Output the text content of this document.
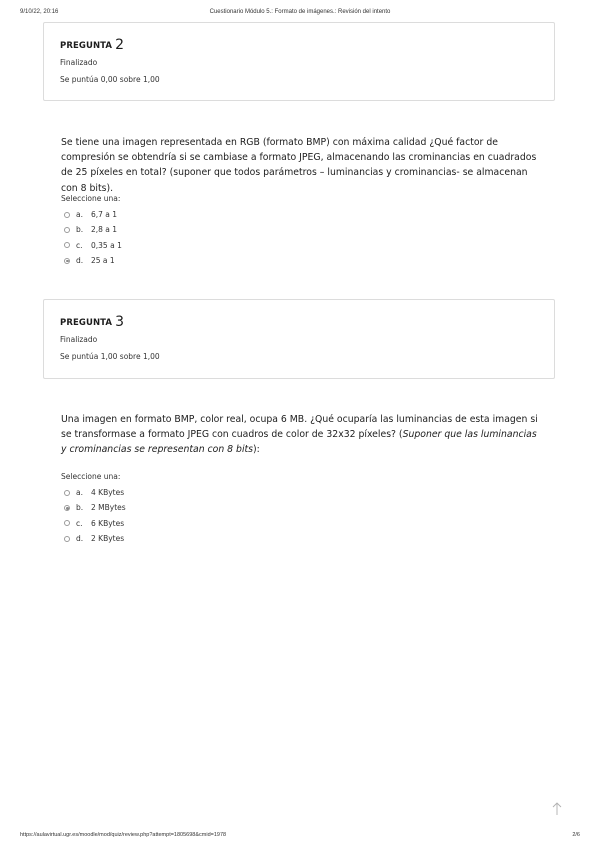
9/10/22, 20:16	Cuestionario Módulo 5.: Formato de imágenes.: Revisión del intento
PREGUNTA 2
Finalizado
Se puntúa 0,00 sobre 1,00
Se tiene una imagen representada en RGB (formato BMP) con máxima calidad ¿Qué factor de compresión se obtendría si se cambiase a formato JPEG, almacenando las crominancias en cuadrados de 25 píxeles en total? (suponer que todos parámetros – luminancias y crominancias- se almacenan con 8 bits).
Seleccione una:
a.	6,7 a 1
b.	2,8 a 1
c.	0,35 a 1
d.	25 a 1
PREGUNTA 3
Finalizado
Se puntúa 1,00 sobre 1,00
Una imagen en formato BMP, color real, ocupa 6 MB. ¿Qué ocuparía las luminancias de esta imagen si se transformase a formato JPEG con cuadros de color de 32x32 píxeles? (Suponer que las luminancias y crominancias se representan con 8 bits):
Seleccione una:
a.	4 KBytes
b.	2 MBytes
c.	6 KBytes
d.	2 KBytes
https://aulavirtual.ugr.es/moodle/mod/quiz/review.php?attempt=1805698&cmid=1978	2/6
